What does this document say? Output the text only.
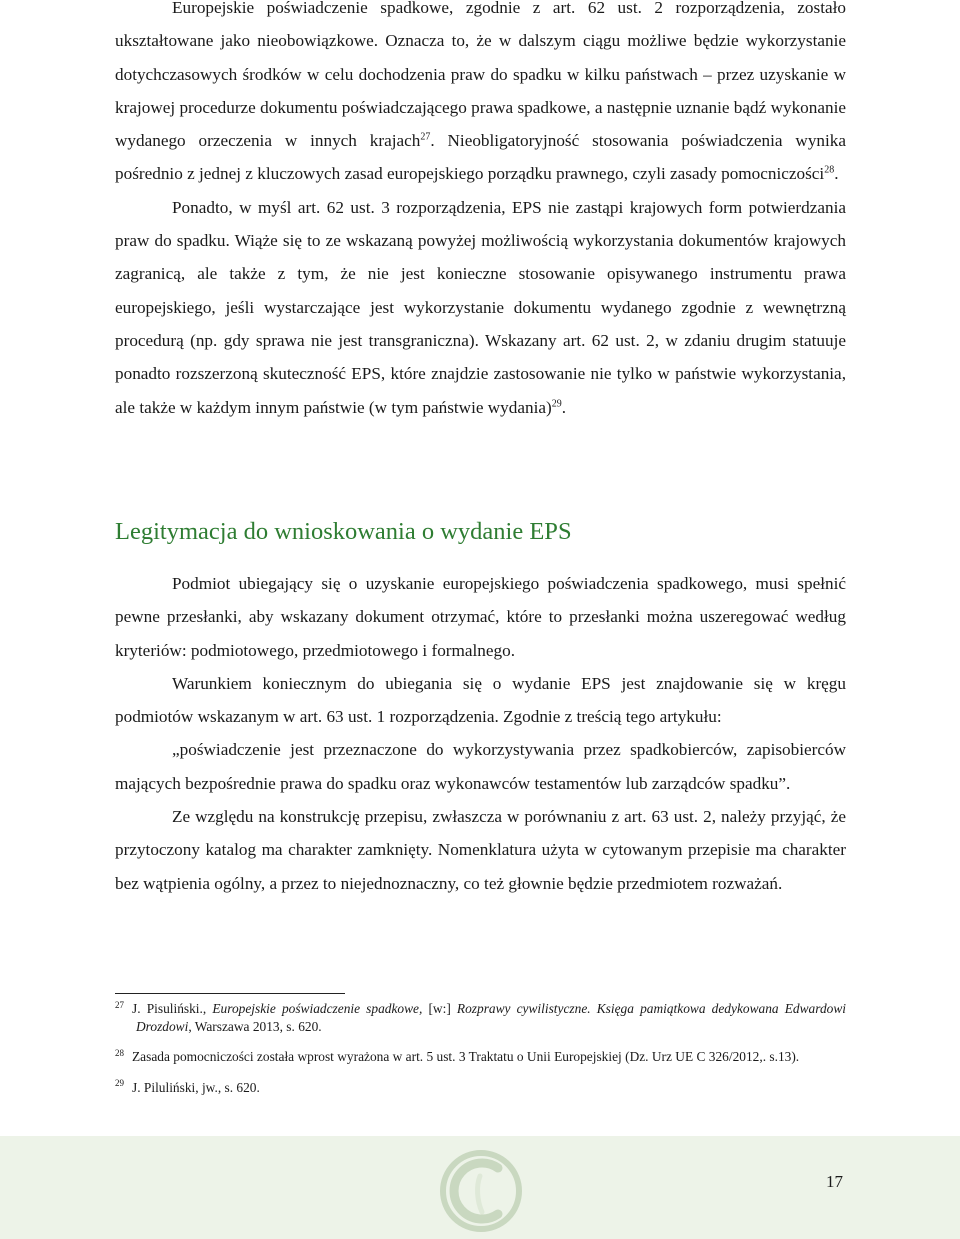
Europejskie poświadczenie spadkowe, zgodnie z art. 62 ust. 2 rozporządzenia, zostało ukształtowane jako nieobowiązkowe. Oznacza to, że w dalszym ciągu możliwe będzie wykorzystanie dotychczasowych środków w celu dochodzenia praw do spadku w kilku państwach – przez uzyskanie w krajowej procedurze dokumentu poświadczającego prawa spadkowe, a następnie uznanie bądź wykonanie wydanego orzeczenia w innych krajach$^{27}$. Nieobligatoryjność stosowania poświadczenia wynika pośrednio z jednej z kluczowych zasad europejskiego porządku prawnego, czyli zasady pomocniczości$^{28}$.

Ponadto, w myśl art. 62 ust. 3 rozporządzenia, EPS nie zastąpi krajowych form potwierdzania praw do spadku. Wiąże się to ze wskazaną powyżej możliwością wykorzystania dokumentów krajowych zagranicą, ale także z tym, że nie jest konieczne stosowanie opisywanego instrumentu prawa europejskiego, jeśli wystarczające jest wykorzystanie dokumentu wydanego zgodnie z wewnętrzną procedurą (np. gdy sprawa nie jest transgraniczna). Wskazany art. 62 ust. 2, w zdaniu drugim statuuje ponadto rozszerzoną skuteczność EPS, które znajdzie zastosowanie nie tylko w państwie wykorzystania, ale także w każdym innym państwie (w tym państwie wydania)$^{29}$.

Legitymacja do wnioskowania o wydanie EPS

Podmiot ubiegający się o uzyskanie europejskiego poświadczenia spadkowego, musi spełnić pewne przesłanki, aby wskazany dokument otrzymać, które to przesłanki można uszeregować według kryteriów: podmiotowego, przedmiotowego i formalnego.

Warunkiem koniecznym do ubiegania się o wydanie EPS jest znajdowanie się w kręgu podmiotów wskazanym w art. 63 ust. 1 rozporządzenia. Zgodnie z treścią tego artykułu:

„poświadczenie jest przeznaczone do wykorzystywania przez spadkobierców, zapisobierców mających bezpośrednie prawa do spadku oraz wykonawców testamentów lub zarządców spadku”.

Ze względu na konstrukcję przepisu, zwłaszcza w porównaniu z art. 63 ust. 2, należy przyjąć, że przytoczony katalog ma charakter zamknięty. Nomenklatura użyta w cytowanym przepisie ma charakter bez wątpienia ogólny, a przez to niejednoznaczny, co też głownie będzie przedmiotem rozważań.

$^{27}$ J. Pisuliński., Europejskie poświadczenie spadkowe, [w:] Rozprawy cywilistyczne. Księga pamiątkowa dedykowana Edwardowi Drozdowi, Warszawa 2013, s. 620.

$^{28}$ Zasada pomocniczości została wprost wyrażona w art. 5 ust. 3 Traktatu o Unii Europejskiej (Dz. Urz UE C 326/2012,. s.13).

$^{29}$ J. Piluliński, jw., s. 620.

17
